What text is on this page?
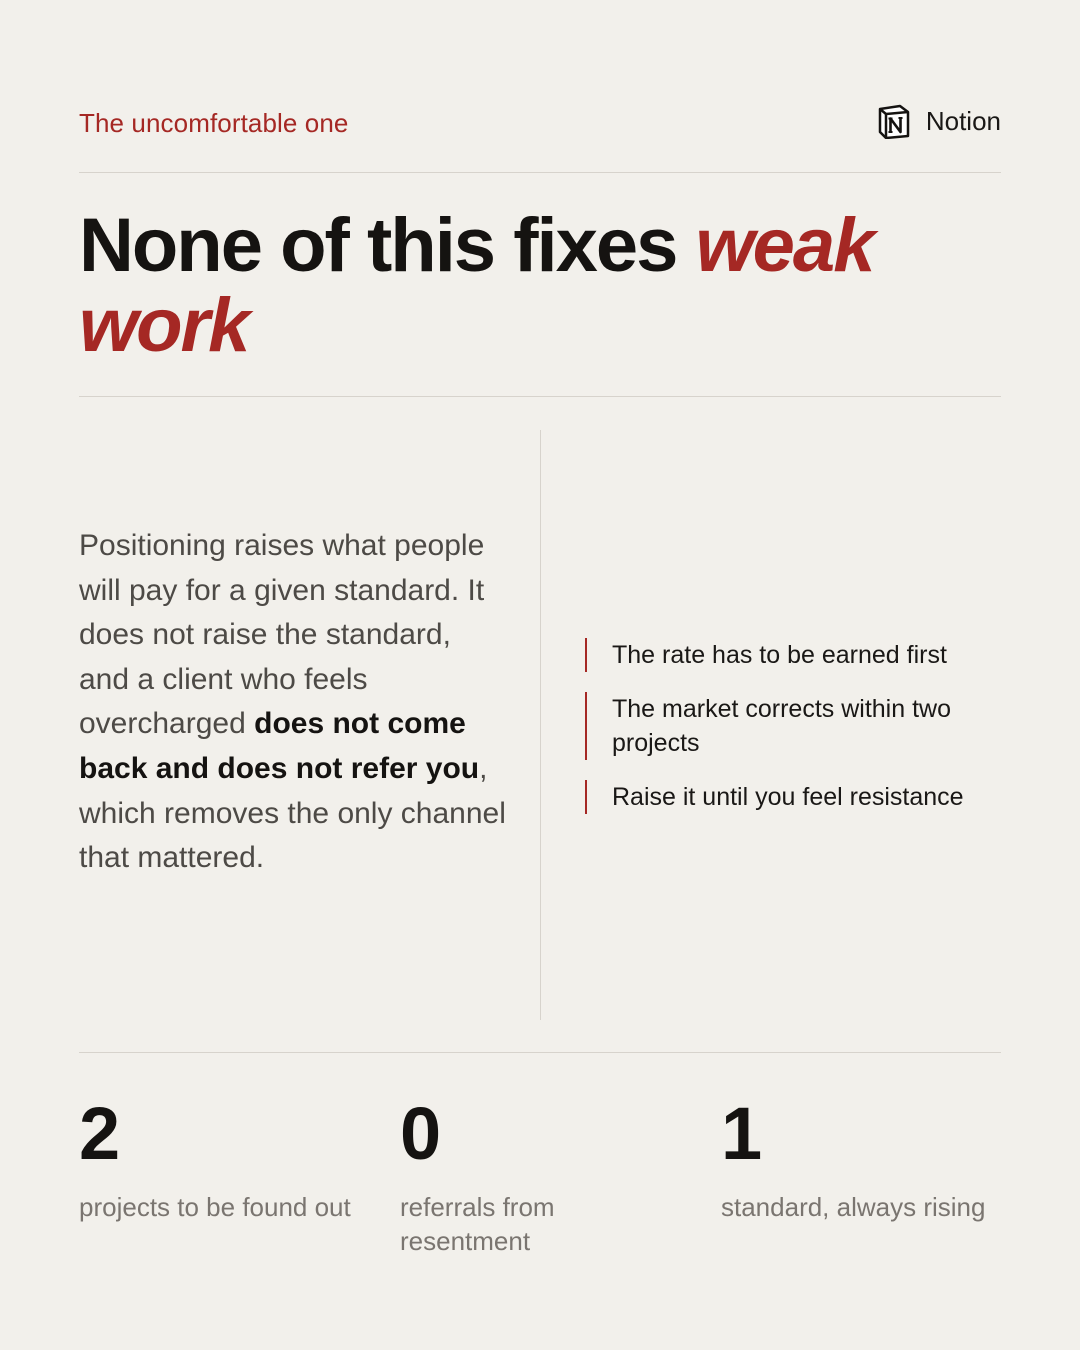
The uncomfortable one	Notion
None of this fixes weak work

Positioning raises what people will pay for a given standard. It does not raise the standard, and a client who feels overcharged does not come back and does not refer you, which removes the only channel that mattered.

The rate has to be earned first
The market corrects within two projects
Raise it until you feel resistance
2
projects to be found out
0
referrals from resentment
1
standard, always rising
